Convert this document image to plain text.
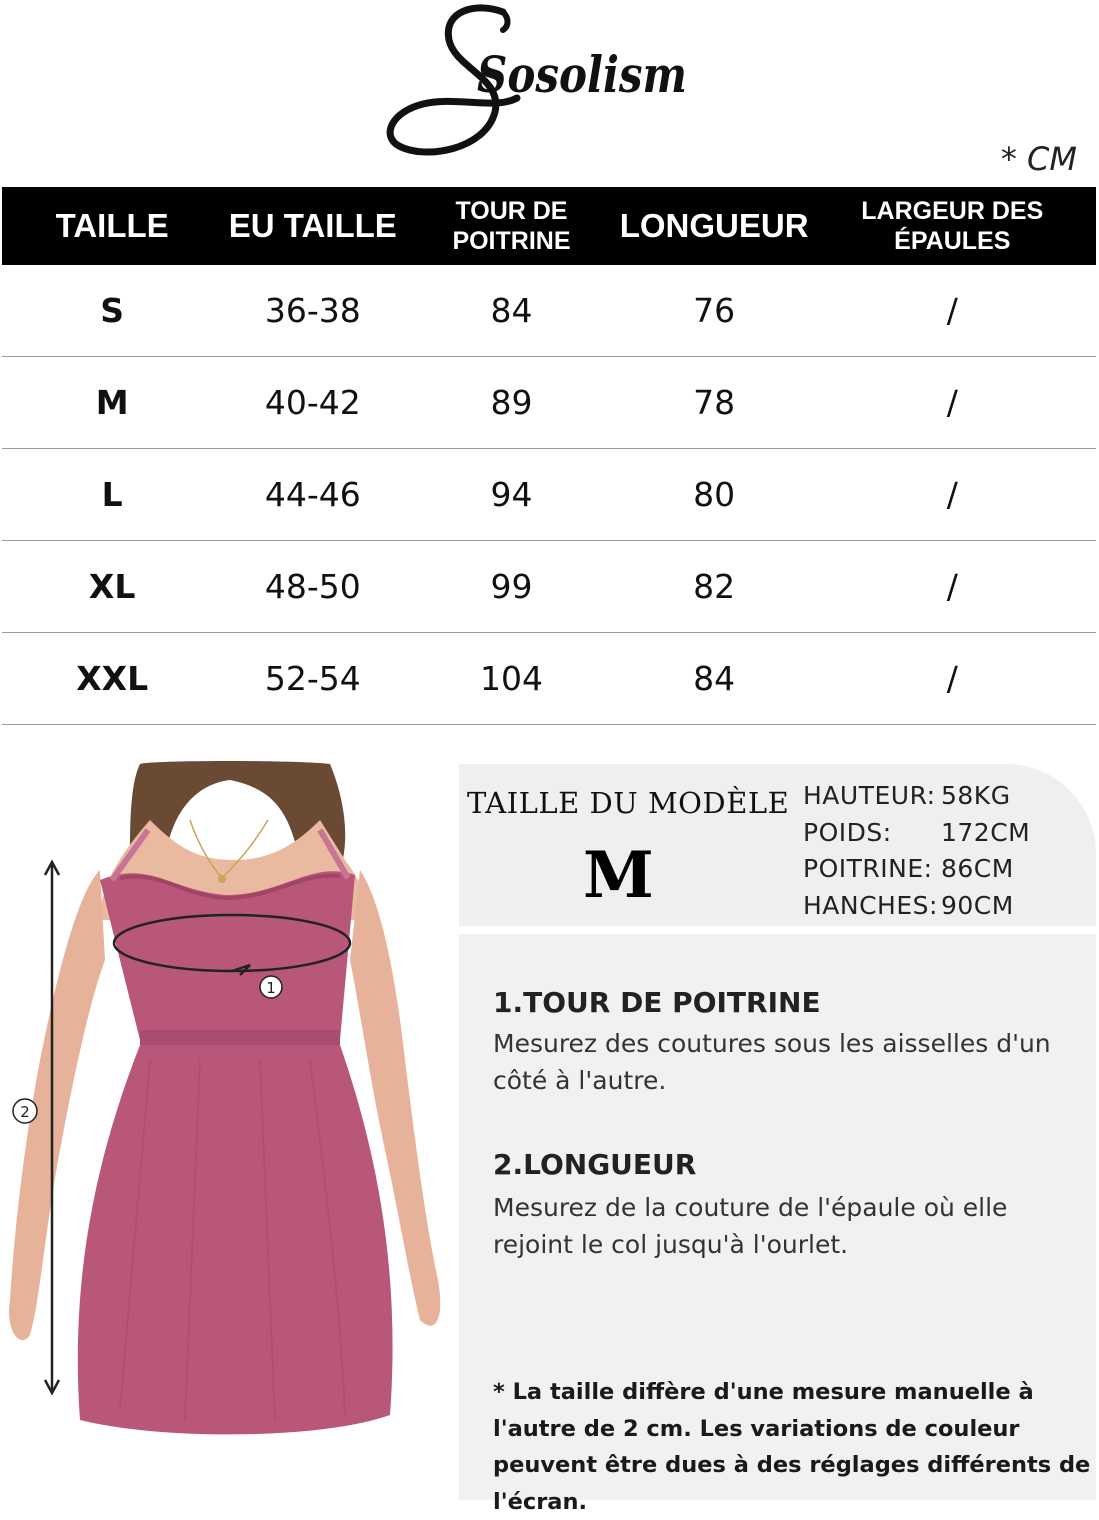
Sosolism
* CM
TAILLE	EU TAILLE	TOUR DE POITRINE	LONGUEUR	LARGEUR DES ÉPAULES
S	36-38	84	76	/
M	40-42	89	78	/
L	44-46	94	80	/
XL	48-50	99	82	/
XXL	52-54	104	84	/
1
2
TAILLE DU MODÈLE
M
HAUTEUR: 58KG
POIDS:	172CM
POITRINE: 86CM
HANCHES: 90CM
1.TOUR DE POITRINE
Mesurez des coutures sous les aisselles d'un côté à l'autre.
2.LONGUEUR
Mesurez de la couture de l'épaule où elle rejoint le col jusqu'à l'ourlet.
* La taille diffère d'une mesure manuelle à l'autre de 2 cm. Les variations de couleur peuvent être dues à des réglages différents de l'écran.
